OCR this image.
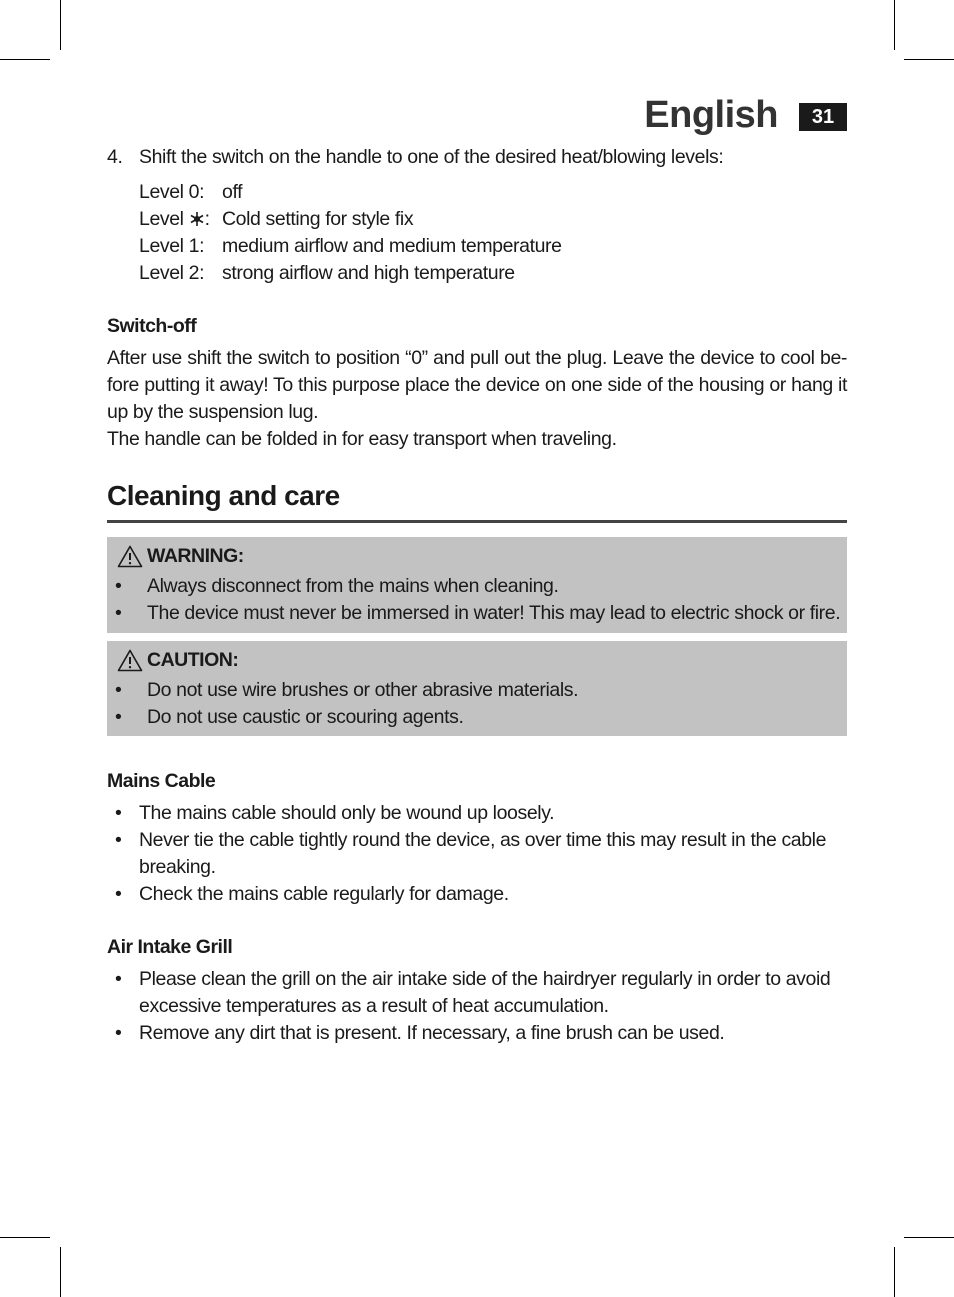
English	31
4. Shift the switch on the handle to one of the desired heat/blowing levels:
Level 0: off
Level : Cold setting for style fix
Level 1: medium airflow and medium temperature
Level 2: strong airflow and high temperature
Switch-off
After use shift the switch to position “0” and pull out the plug. Leave the device to cool be-fore putting it away! To this purpose place the device on one side of the housing or hang it up by the suspension lug.
The handle can be folded in for easy transport when traveling.
Cleaning and care
WARNING:
• Always disconnect from the mains when cleaning.
• The device must never be immersed in water! This may lead to electric shock or fire.
CAUTION:
• Do not use wire brushes or other abrasive materials.
• Do not use caustic or scouring agents.
Mains Cable
• The mains cable should only be wound up loosely.
• Never tie the cable tightly round the device, as over time this may result in the cable breaking.
• Check the mains cable regularly for damage.
Air Intake Grill
• Please clean the grill on the air intake side of the hairdryer regularly in order to avoid excessive temperatures as a result of heat accumulation.
• Remove any dirt that is present. If necessary, a fine brush can be used.
